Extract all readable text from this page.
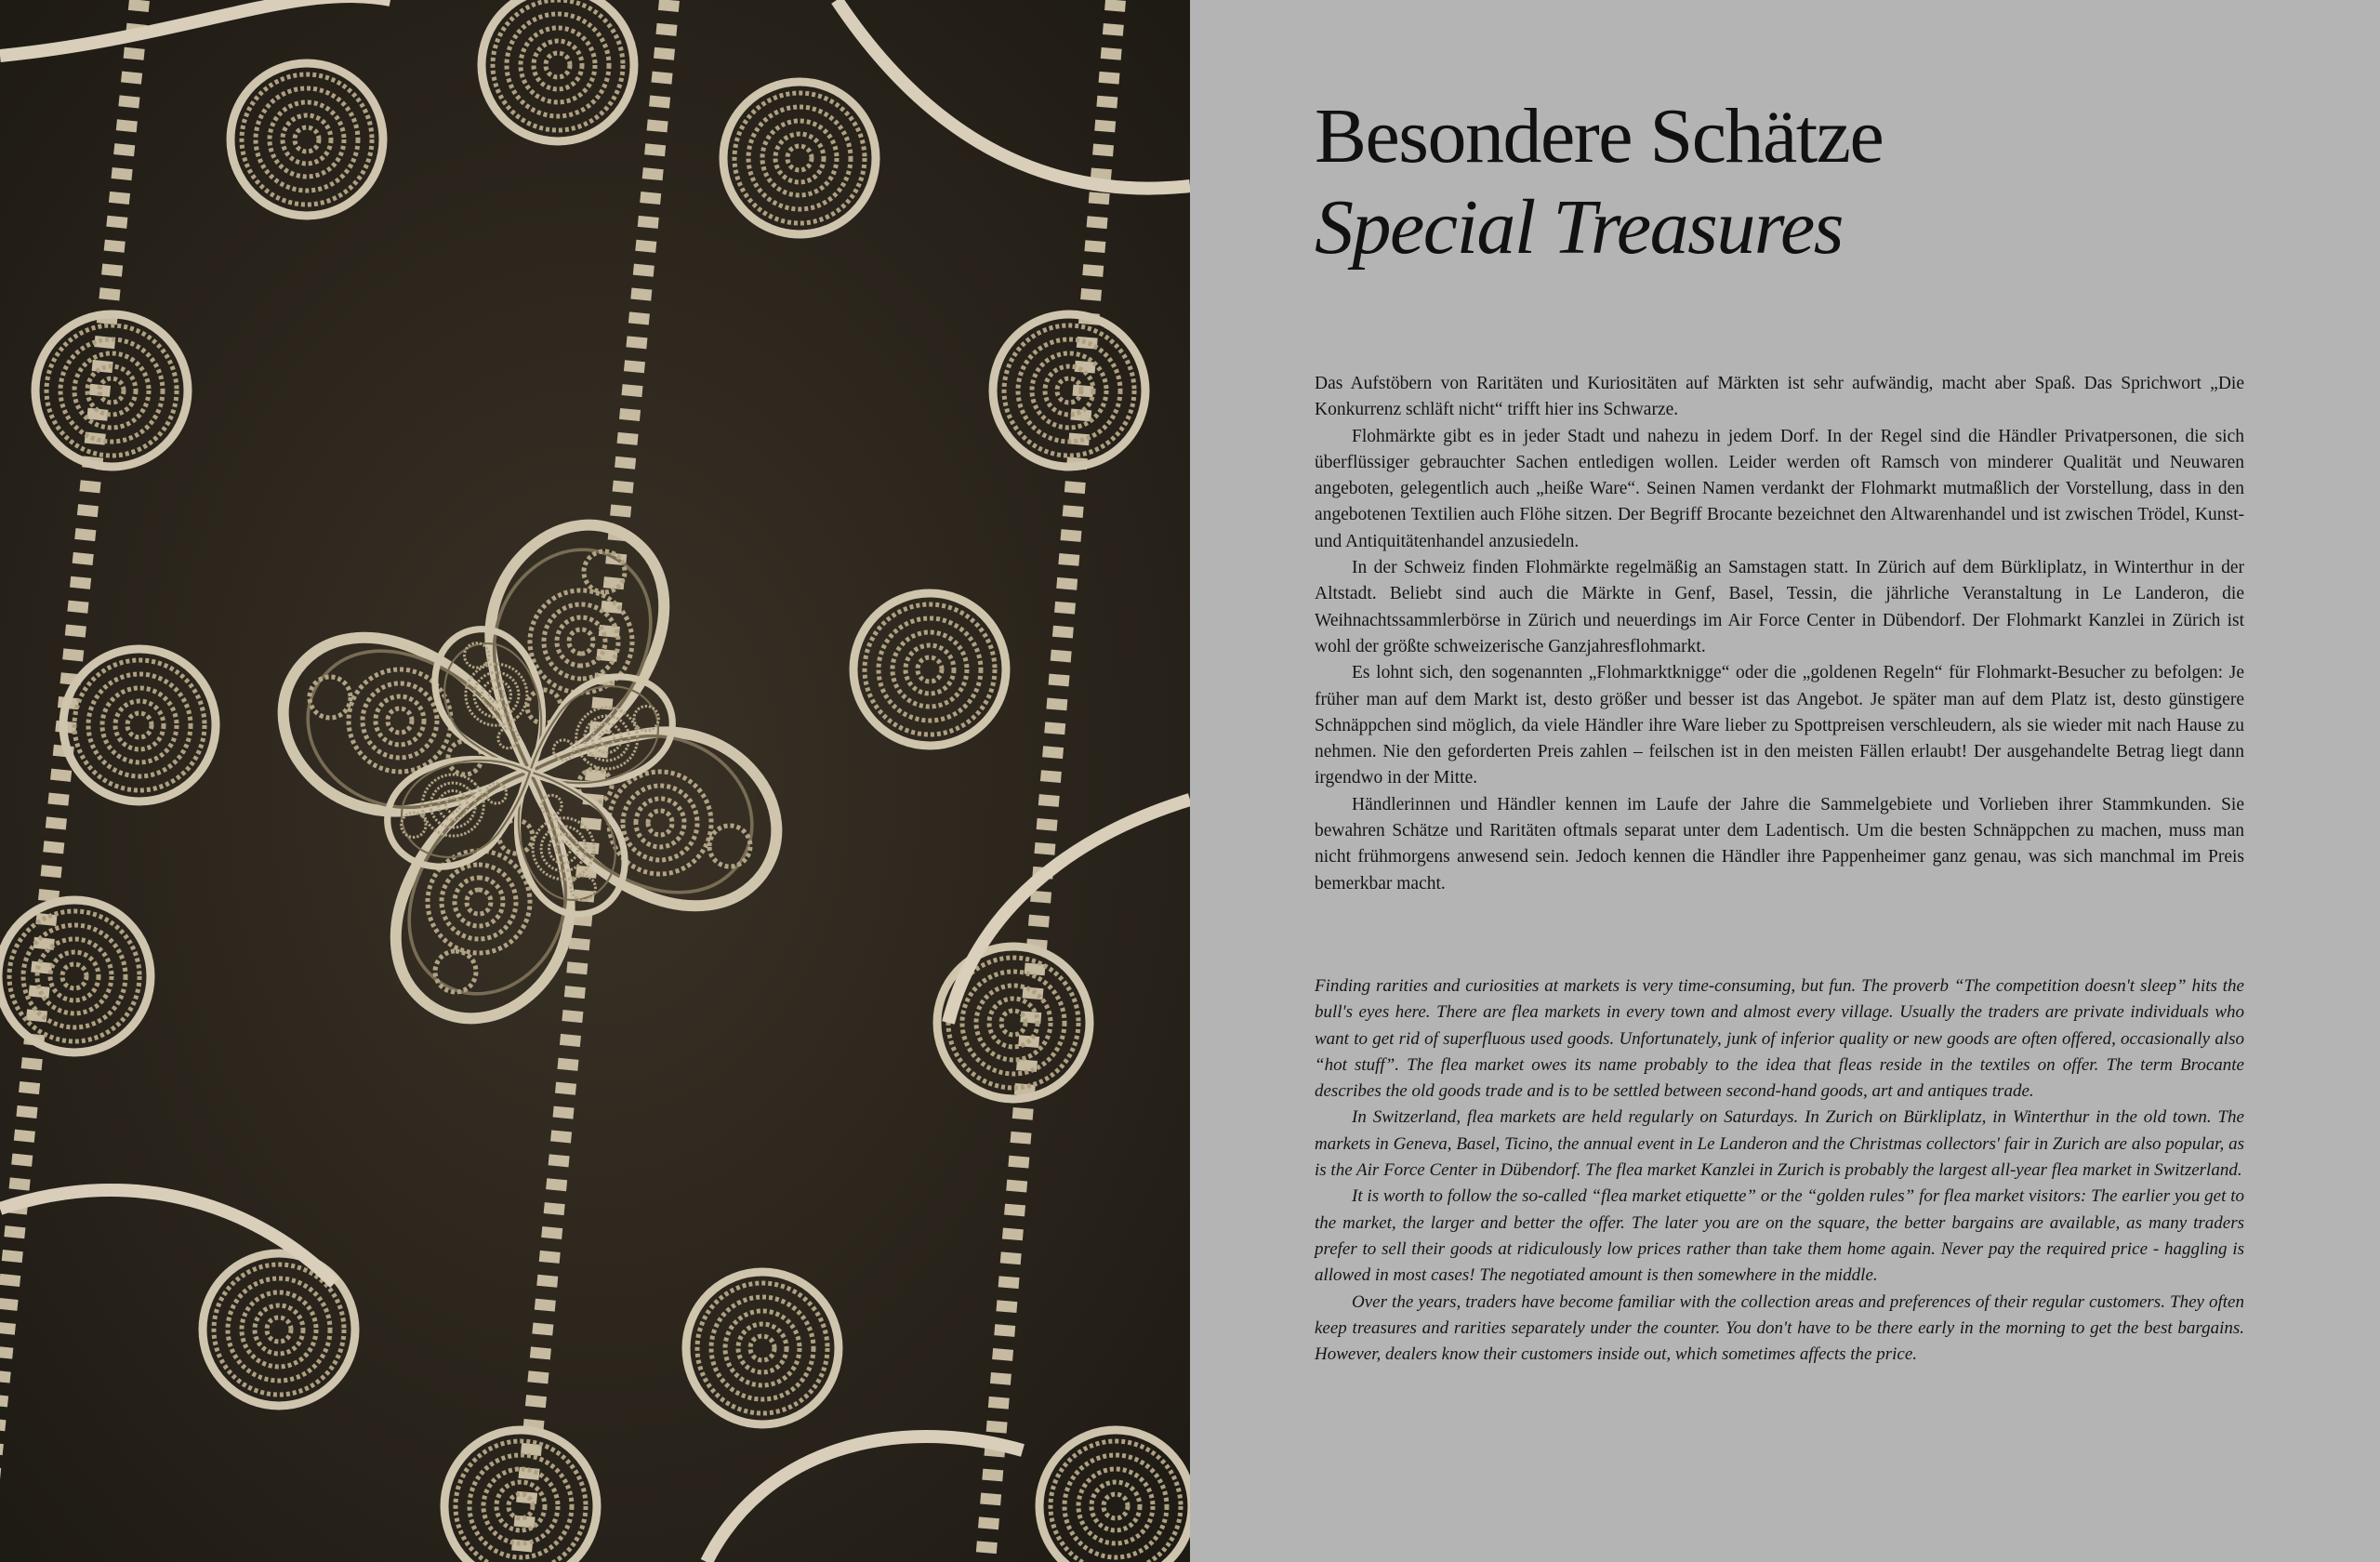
Besondere Schätze
Special Treasures

Das Aufstöbern von Raritäten und Kuriositäten auf Märkten ist sehr aufwändig, macht aber Spaß. Das Sprichwort „Die Konkurrenz schläft nicht“ trifft hier ins Schwarze.

Flohmärkte gibt es in jeder Stadt und nahezu in jedem Dorf. In der Regel sind die Händler Privatpersonen, die sich überflüssiger gebrauchter Sachen entledigen wollen. Leider werden oft Ramsch von minderer Qualität und Neuwaren angeboten, gelegentlich auch „heiße Ware“. Seinen Namen verdankt der Flohmarkt mutmaßlich der Vorstellung, dass in den angebotenen Textilien auch Flöhe sitzen. Der Begriff Brocante bezeichnet den Altwarenhandel und ist zwischen Trödel, Kunst- und Antiquitätenhandel anzusiedeln.

In der Schweiz finden Flohmärkte regelmäßig an Samstagen statt. In Zürich auf dem Bürkliplatz, in Winterthur in der Altstadt. Beliebt sind auch die Märkte in Genf, Basel, Tessin, die jährliche Veranstaltung in Le Landeron, die Weihnachtssammlerbörse in Zürich und neuerdings im Air Force Center in Dübendorf. Der Flohmarkt Kanzlei in Zürich ist wohl der größte schweizerische Ganzjahresflohmarkt.

Es lohnt sich, den sogenannten „Flohmarktknigge“ oder die „goldenen Regeln“ für Flohmarkt-Besucher zu befolgen: Je früher man auf dem Markt ist, desto größer und besser ist das Angebot. Je später man auf dem Platz ist, desto günstigere Schnäppchen sind möglich, da viele Händler ihre Ware lieber zu Spottpreisen verschleudern, als sie wieder mit nach Hause zu nehmen. Nie den geforderten Preis zahlen – feilschen ist in den meisten Fällen erlaubt! Der ausgehandelte Betrag liegt dann irgendwo in der Mitte.

Händlerinnen und Händler kennen im Laufe der Jahre die Sammelgebiete und Vorlieben ihrer Stammkunden. Sie bewahren Schätze und Raritäten oftmals separat unter dem Ladentisch. Um die besten Schnäppchen zu machen, muss man nicht frühmorgens anwesend sein. Jedoch kennen die Händler ihre Pappenheimer ganz genau, was sich manchmal im Preis bemerkbar macht.

Finding rarities and curiosities at markets is very time-consuming, but fun. The proverb “The competition doesn't sleep” hits the bull's eyes here. There are flea markets in every town and almost every village. Usually the traders are private individuals who want to get rid of superfluous used goods. Unfortunately, junk of inferior quality or new goods are often offered, occasionally also “hot stuff”. The flea market owes its name probably to the idea that fleas reside in the textiles on offer. The term Brocante describes the old goods trade and is to be settled between second-hand goods, art and antiques trade.

In Switzerland, flea markets are held regularly on Saturdays. In Zurich on Bürkliplatz, in Winterthur in the old town. The markets in Geneva, Basel, Ticino, the annual event in Le Landeron and the Christmas collectors' fair in Zurich are also popular, as is the Air Force Center in Dübendorf. The flea market Kanzlei in Zurich is probably the largest all-year flea market in Switzerland.

It is worth to follow the so-called “flea market etiquette” or the “golden rules” for flea market visitors: The earlier you get to the market, the larger and better the offer. The later you are on the square, the better bargains are available, as many traders prefer to sell their goods at ridiculously low prices rather than take them home again. Never pay the required price - haggling is allowed in most cases! The negotiated amount is then somewhere in the middle.

Over the years, traders have become familiar with the collection areas and preferences of their regular customers. They often keep treasures and rarities separately under the counter. You don't have to be there early in the morning to get the best bargains. However, dealers know their customers inside out, which sometimes affects the price.
